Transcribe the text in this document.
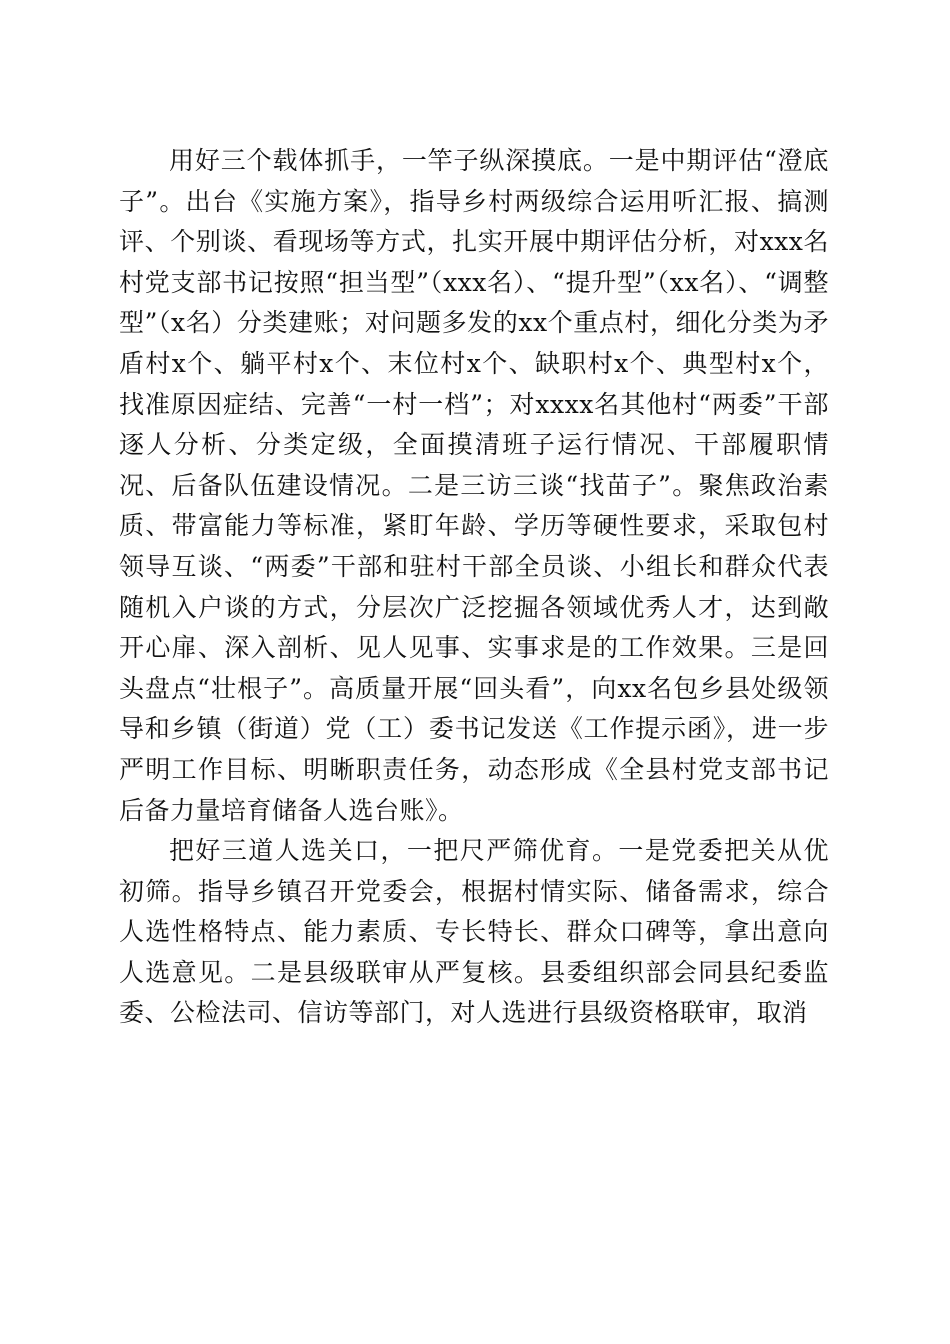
用好三个载体抓手，一竿子纵深摸底。一是中期评估“澄底子”。出台《实施方案》，指导乡村两级综合运用听汇报、搞测评、个别谈、看现场等方式，扎实开展中期评估分析，对xxx名村党支部书记按照“担当型”（xxx名）、“提升型”（xx名）、“调整型”（x名）分类建账；对问题多发的xx个重点村，细化分类为矛盾村x个、躺平村x个、末位村x个、缺职村x个、典型村x个，找准原因症结、完善“一村一档”；对xxxx名其他村“两委”干部逐人分析、分类定级，全面摸清班子运行情况、干部履职情况、后备队伍建设情况。二是三访三谈“找苗子”。聚焦政治素质、带富能力等标准，紧盯年龄、学历等硬性要求，采取包村领导互谈、“两委”干部和驻村干部全员谈、小组长和群众代表随机入户谈的方式，分层次广泛挖掘各领域优秀人才，达到敞开心扉、深入剖析、见人见事、实事求是的工作效果。三是回头盘点“壮根子”。高质量开展“回头看”，向xx名包乡县处级领导和乡镇（街道）党（工）委书记发送《工作提示函》，进一步严明工作目标、明晰职责任务，动态形成《全县村党支部书记后备力量培育储备人选台账》。

把好三道人选关口，一把尺严筛优育。一是党委把关从优初筛。指导乡镇召开党委会，根据村情实际、储备需求，综合人选性格特点、能力素质、专长特长、群众口碑等，拿出意向人选意见。二是县级联审从严复核。县委组织部会同县纪委监委、公检法司、信访等部门，对人选进行县级资格联审，取消
